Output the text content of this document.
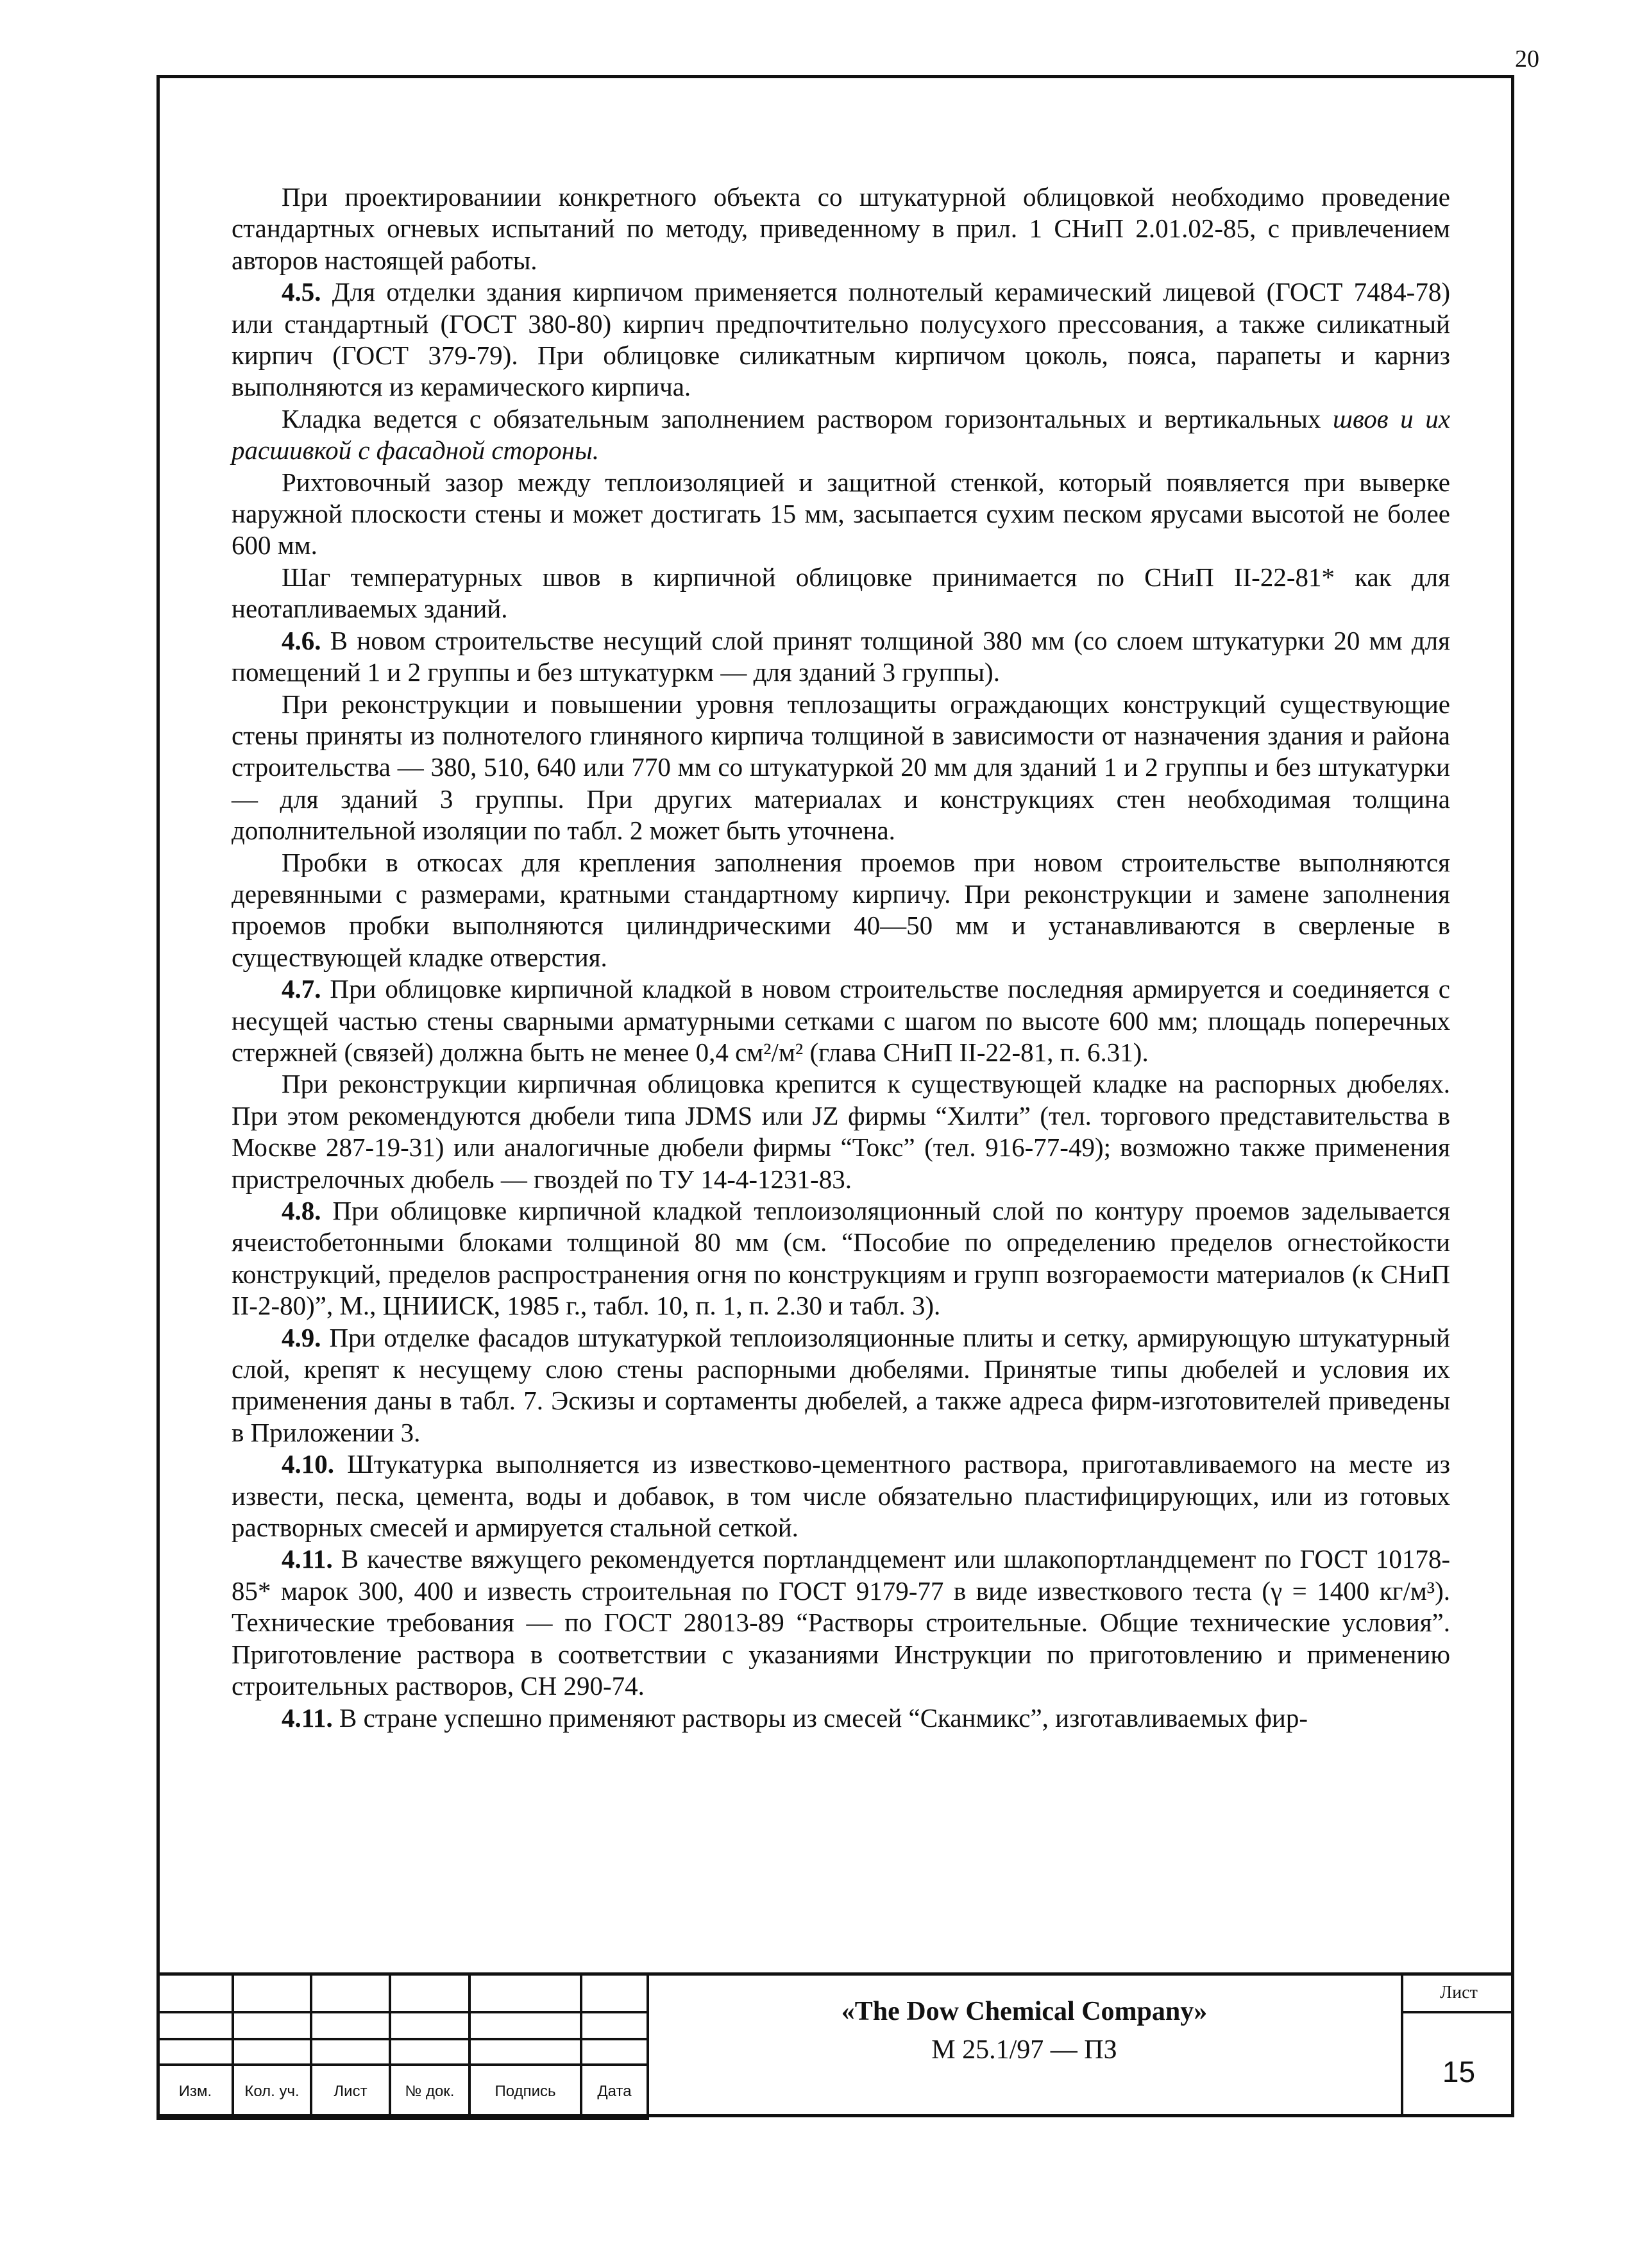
20

При проектированиии конкретного объекта со штукатурной облицовкой необходимо проведение стандартных огневых испытаний по методу, приведенному в прил. 1 СНиП 2.01.02-85, с привлечением авторов настоящей работы.

4.5. Для отделки здания кирпичом применяется полнотелый керамический лицевой (ГОСТ 7484-78) или стандартный (ГОСТ 380-80) кирпич предпочтительно полусухого прессования, а также силикатный кирпич (ГОСТ 379-79). При облицовке силикатным кирпичом цоколь, пояса, парапеты и карниз выполняются из керамического кирпича.

Кладка ведется с обязательным заполнением раствором горизонтальных и вертикальных швов и их расшивкой с фасадной стороны.

Рихтовочный зазор между теплоизоляцией и защитной стенкой, который появляется при выверке наружной плоскости стены и может достигать 15 мм, засыпается сухим песком ярусами высотой не более 600 мм.

Шаг температурных швов в кирпичной облицовке принимается по СНиП II-22-81* как для неотапливаемых зданий.

4.6. В новом строительстве несущий слой принят толщиной 380 мм (со слоем штукатурки 20 мм для помещений 1 и 2 группы и без штукатуркм — для зданий 3 группы).

При реконструкции и повышении уровня теплозащиты ограждающих конструкций существующие стены приняты из полнотелого глиняного кирпича толщиной в зависимости от назначения здания и района строительства — 380, 510, 640 или 770 мм со штукатуркой 20 мм для зданий 1 и 2 группы и без штукатурки — для зданий 3 группы. При других материалах и конструкциях стен необходимая толщина дополнительной изоляции по табл. 2 может быть уточнена.

Пробки в откосах для крепления заполнения проемов при новом строительстве выполняются деревянными с размерами, кратными стандартному кирпичу. При реконструкции и замене заполнения проемов пробки выполняются цилиндрическими 40—50 мм и устанавливаются в сверленые в существующей кладке отверстия.

4.7. При облицовке кирпичной кладкой в новом строительстве последняя армируется и соединяется с несущей частью стены сварными арматурными сетками с шагом по высоте 600 мм; площадь поперечных стержней (связей) должна быть не менее 0,4 см²/м² (глава СНиП II-22-81, п. 6.31).

При реконструкции кирпичная облицовка крепится к существующей кладке на распорных дюбелях. При этом рекомендуются дюбели типа JDMS или JZ фирмы “Хилти” (тел. торгового представительства в Москве 287-19-31) или аналогичные дюбели фирмы “Токс” (тел. 916-77-49); возможно также применения пристрелочных дюбель — гвоздей по ТУ 14-4-1231-83.

4.8. При облицовке кирпичной кладкой теплоизоляционный слой по контуру проемов заделывается ячеистобетонными блоками толщиной 80 мм (см. “Пособие по определению пределов огнестойкости конструкций, пределов распространения огня по конструкциям и групп возгораемости материалов (к СНиП II-2-80)”, М., ЦНИИСК, 1985 г., табл. 10, п. 1, п. 2.30 и табл. 3).

4.9. При отделке фасадов штукатуркой теплоизоляционные плиты и сетку, армирующую штукатурный слой, крепят к несущему слою стены распорными дюбелями. Принятые типы дюбелей и условия их применения даны в табл. 7. Эскизы и сортаменты дюбелей, а также адреса фирм-изготовителей приведены в Приложении 3.

4.10. Штукатурка выполняется из известково-цементного раствора, приготавливаемого на месте из извести, песка, цемента, воды и добавок, в том числе обязательно пластифицирующих, или из готовых растворных смесей и армируется стальной сеткой.

4.11. В качестве вяжущего рекомендуется портландцемент или шлакопортландцемент по ГОСТ 10178-85* марок 300, 400 и известь строительная по ГОСТ 9179-77 в виде известкового теста (γ = 1400 кг/м³). Технические требования — по ГОСТ 28013-89 “Растворы строительные. Общие технические условия”. Приготовление раствора в соответствии с указаниями Инструкции по приготовлению и применению строительных растворов, СН 290-74.

4.11. В стране успешно применяют растворы из смесей “Сканмикс”, изготавливаемых фир-

Изм.	Кол. уч.	Лист	№ док.	Подпись	Дата
«The Dow Chemical Company»
М 25.1/97 — ПЗ
Лист
15
